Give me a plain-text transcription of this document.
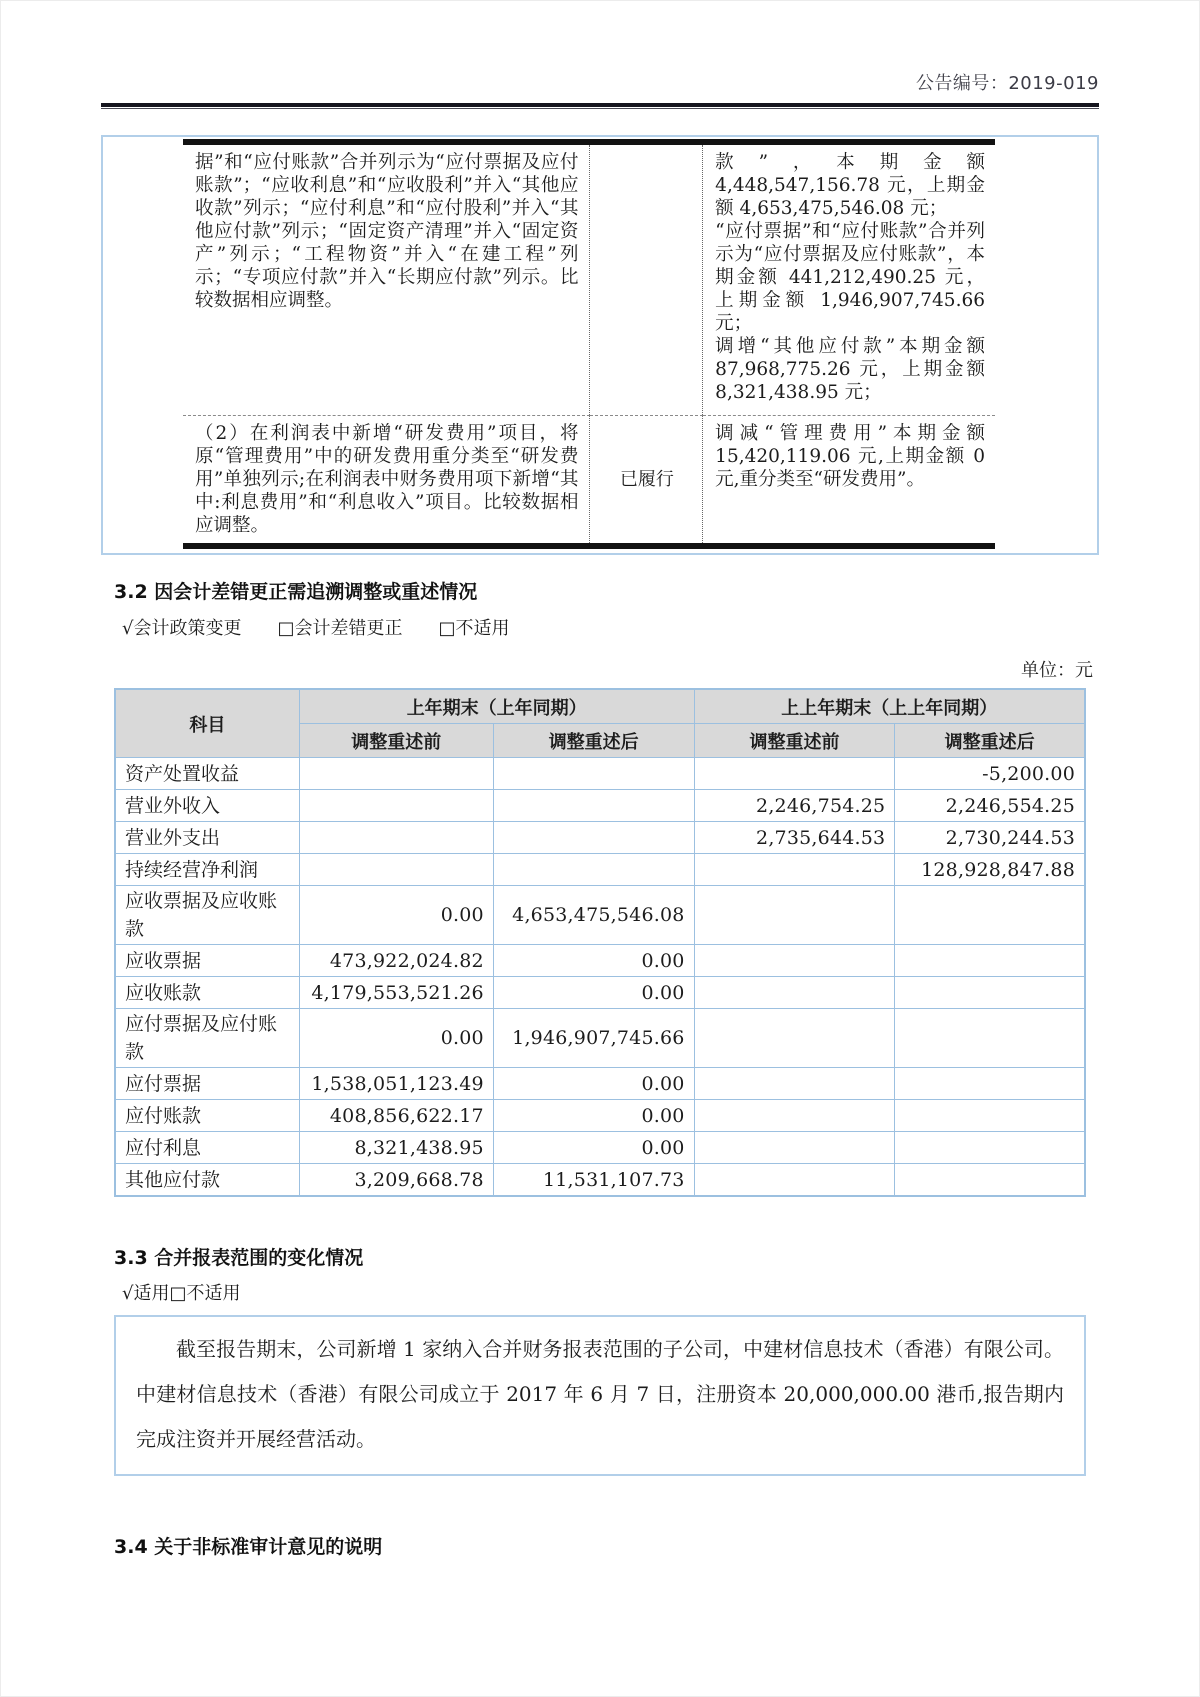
公告编号：2019-019
据”和“应付账款”合并列示为“应付票据及应付账款”；“应收利息”和“应收股利”并入“其他应收款”列示；“应付利息”和“应付股利”并入“其他应付款”列示；“固定资产清理”并入“固定资产”列示；“工程物资”并入“在建工程”列示；“专项应付款”并入“长期应付款”列示。比较数据相应调整。		款”，本期金额 4,448,547,156.78 元，上期金额 4,653,475,546.08 元；

“应付票据”和“应付账款”合并列示为“应付票据及应付账款”，本期金额 441,212,490.25 元，上期金额 1,946,907,745.66 元；

调增“其他应付款”本期金额 87,968,775.26 元，上期金额 8,321,438.95 元；

（2）在利润表中新增“研发费用”项目，将原“管理费用”中的研发费用重分类至“研发费用”单独列示;在利润表中财务费用项下新增“其中:利息费用”和“利息收入”项目。比较数据相应调整。	已履行	调减“管理费用”本期金额 15,420,119.06 元,上期金额 0 元,重分类至“研发费用”。
3.2 因会计差错更正需追溯调整或重述情况
√会计政策变更 □会计差错更正 □不适用
单位：元
科目	上年期末（上年同期）		上上年期末（上上年同期）	
	调整重述前	调整重述后	调整重述前	调整重述后
资产处置收益				-5,200.00
营业外收入			2,246,754.25	2,246,554.25
营业外支出			2,735,644.53	2,730,244.53
持续经营净利润				128,928,847.88
应收票据及应收账款	0.00	4,653,475,546.08		
应收票据	473,922,024.82	0.00		
应收账款	4,179,553,521.26	0.00		
应付票据及应付账款	0.00	1,946,907,745.66		
应付票据	1,538,051,123.49	0.00		
应付账款	408,856,622.17	0.00		
应付利息	8,321,438.95	0.00		
其他应付款	3,209,668.78	11,531,107.73		
3.3 合并报表范围的变化情况
√适用□不适用

截至报告期末，公司新增 1 家纳入合并财务报表范围的子公司，中建材信息技术（香港）有限公司。中建材信息技术（香港）有限公司成立于 2017 年 6 月 7 日，注册资本 20,000,000.00 港币,报告期内完成注资并开展经营活动。

3.4 关于非标准审计意见的说明
